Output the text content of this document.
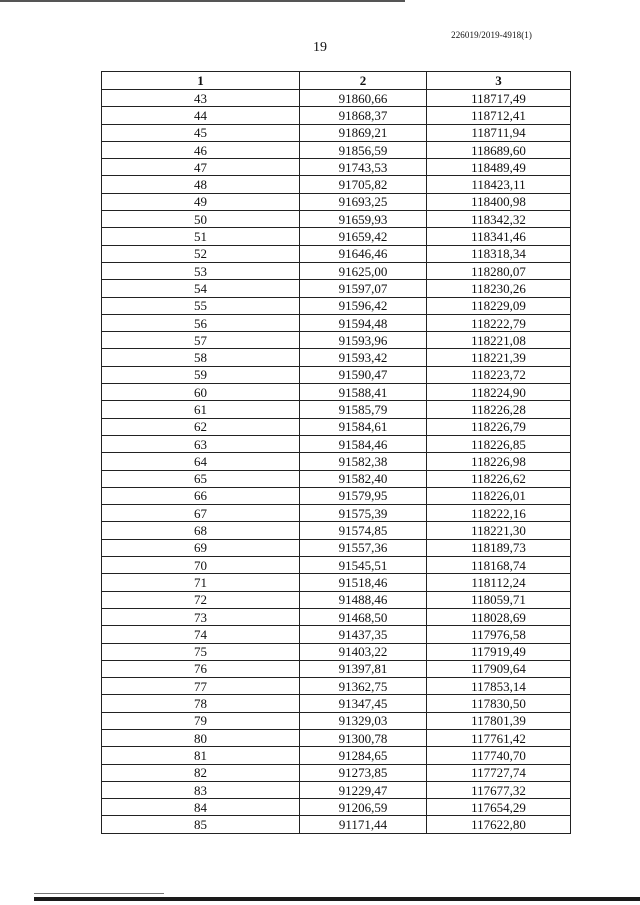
226019/2019-4918(1)
19
1	2	3
43	91860,66	118717,49
44	91868,37	118712,41
45	91869,21	118711,94
46	91856,59	118689,60
47	91743,53	118489,49
48	91705,82	118423,11
49	91693,25	118400,98
50	91659,93	118342,32
51	91659,42	118341,46
52	91646,46	118318,34
53	91625,00	118280,07
54	91597,07	118230,26
55	91596,42	118229,09
56	91594,48	118222,79
57	91593,96	118221,08
58	91593,42	118221,39
59	91590,47	118223,72
60	91588,41	118224,90
61	91585,79	118226,28
62	91584,61	118226,79
63	91584,46	118226,85
64	91582,38	118226,98
65	91582,40	118226,62
66	91579,95	118226,01
67	91575,39	118222,16
68	91574,85	118221,30
69	91557,36	118189,73
70	91545,51	118168,74
71	91518,46	118112,24
72	91488,46	118059,71
73	91468,50	118028,69
74	91437,35	117976,58
75	91403,22	117919,49
76	91397,81	117909,64
77	91362,75	117853,14
78	91347,45	117830,50
79	91329,03	117801,39
80	91300,78	117761,42
81	91284,65	117740,70
82	91273,85	117727,74
83	91229,47	117677,32
84	91206,59	117654,29
85	91171,44	117622,80
